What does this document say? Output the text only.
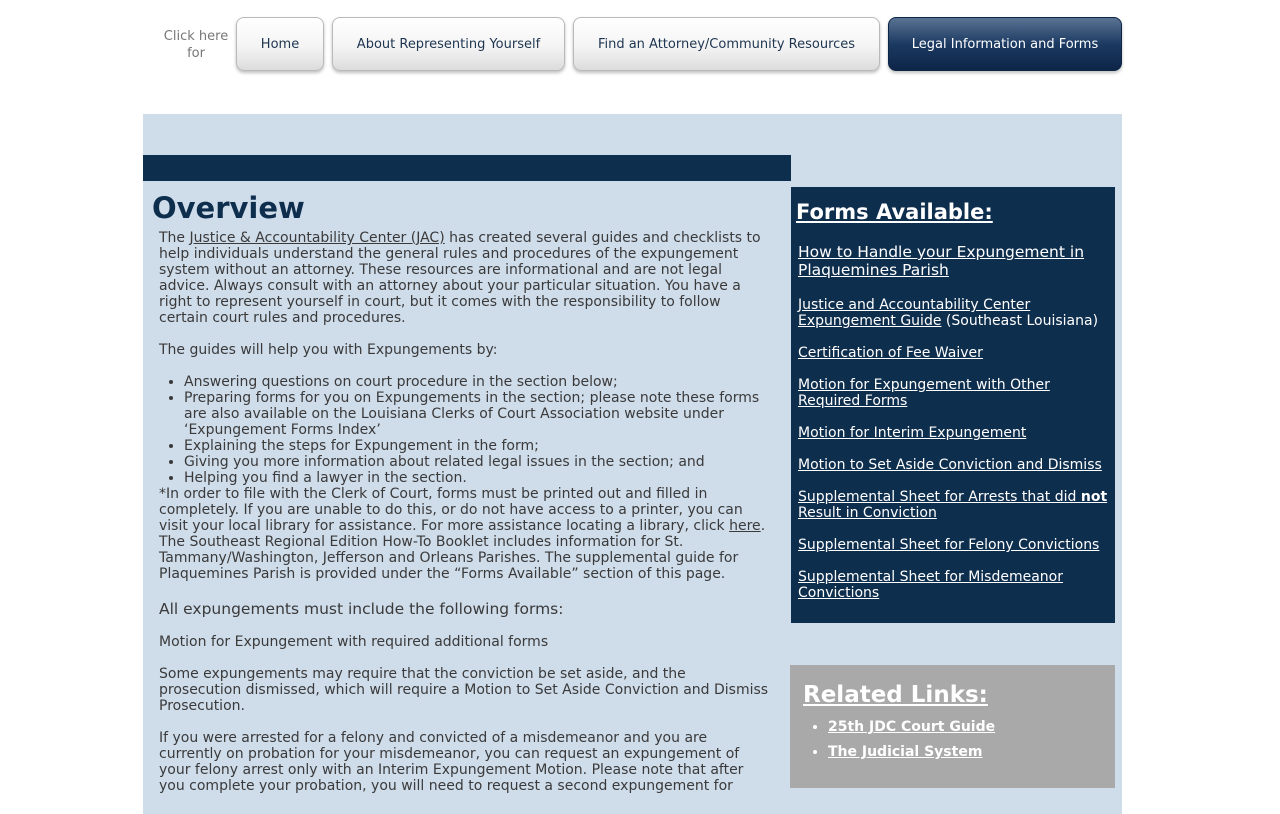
Click here for
Home	About Representing Yourself	Find an Attorney/Community Resources	Legal Information and Forms
Overview

The Justice & Accountability Center (JAC) has created several guides and checklists to help individuals understand the general rules and procedures of the expungement system without an attorney. These resources are informational and are not legal advice. Always consult with an attorney about your particular situation. You have a right to represent yourself in court, but it comes with the responsibility to follow certain court rules and procedures.

The guides will help you with Expungements by:

• Answering questions on court procedure in the section below;
• Preparing forms for you on Expungements in the section; please note these forms are also available on the Louisiana Clerks of Court Association website under ‘Expungement Forms Index’
• Explaining the steps for Expungement in the form;
• Giving you more information about related legal issues in the section; and
• Helping you find a lawyer in the section.

*In order to file with the Clerk of Court, forms must be printed out and filled in completely. If you are unable to do this, or do not have access to a printer, you can visit your local library for assistance. For more assistance locating a library, click here.

The Southeast Regional Edition How-To Booklet includes information for St. Tammany/Washington, Jefferson and Orleans Parishes. The supplemental guide for Plaquemines Parish is provided under the “Forms Available” section of this page.

All expungements must include the following forms:

Motion for Expungement with required additional forms

Some expungements may require that the conviction be set aside, and the prosecution dismissed, which will require a Motion to Set Aside Conviction and Dismiss Prosecution.

If you were arrested for a felony and convicted of a misdemeanor and you are currently on probation for your misdemeanor, you can request an expungement of your felony arrest only with an Interim Expungement Motion. Please note that after you complete your probation, you will need to request a second expungement for

Forms Available:
How to Handle your Expungement in Plaquemines Parish
Justice and Accountability Center Expungement Guide (Southeast Louisiana)
Certification of Fee Waiver
Motion for Expungement with Other Required Forms
Motion for Interim Expungement
Motion to Set Aside Conviction and Dismiss
Supplemental Sheet for Arrests that did not Result in Conviction
Supplemental Sheet for Felony Convictions
Supplemental Sheet for Misdemeanor Convictions
Related Links:
• 25th JDC Court Guide
• The Judicial System
